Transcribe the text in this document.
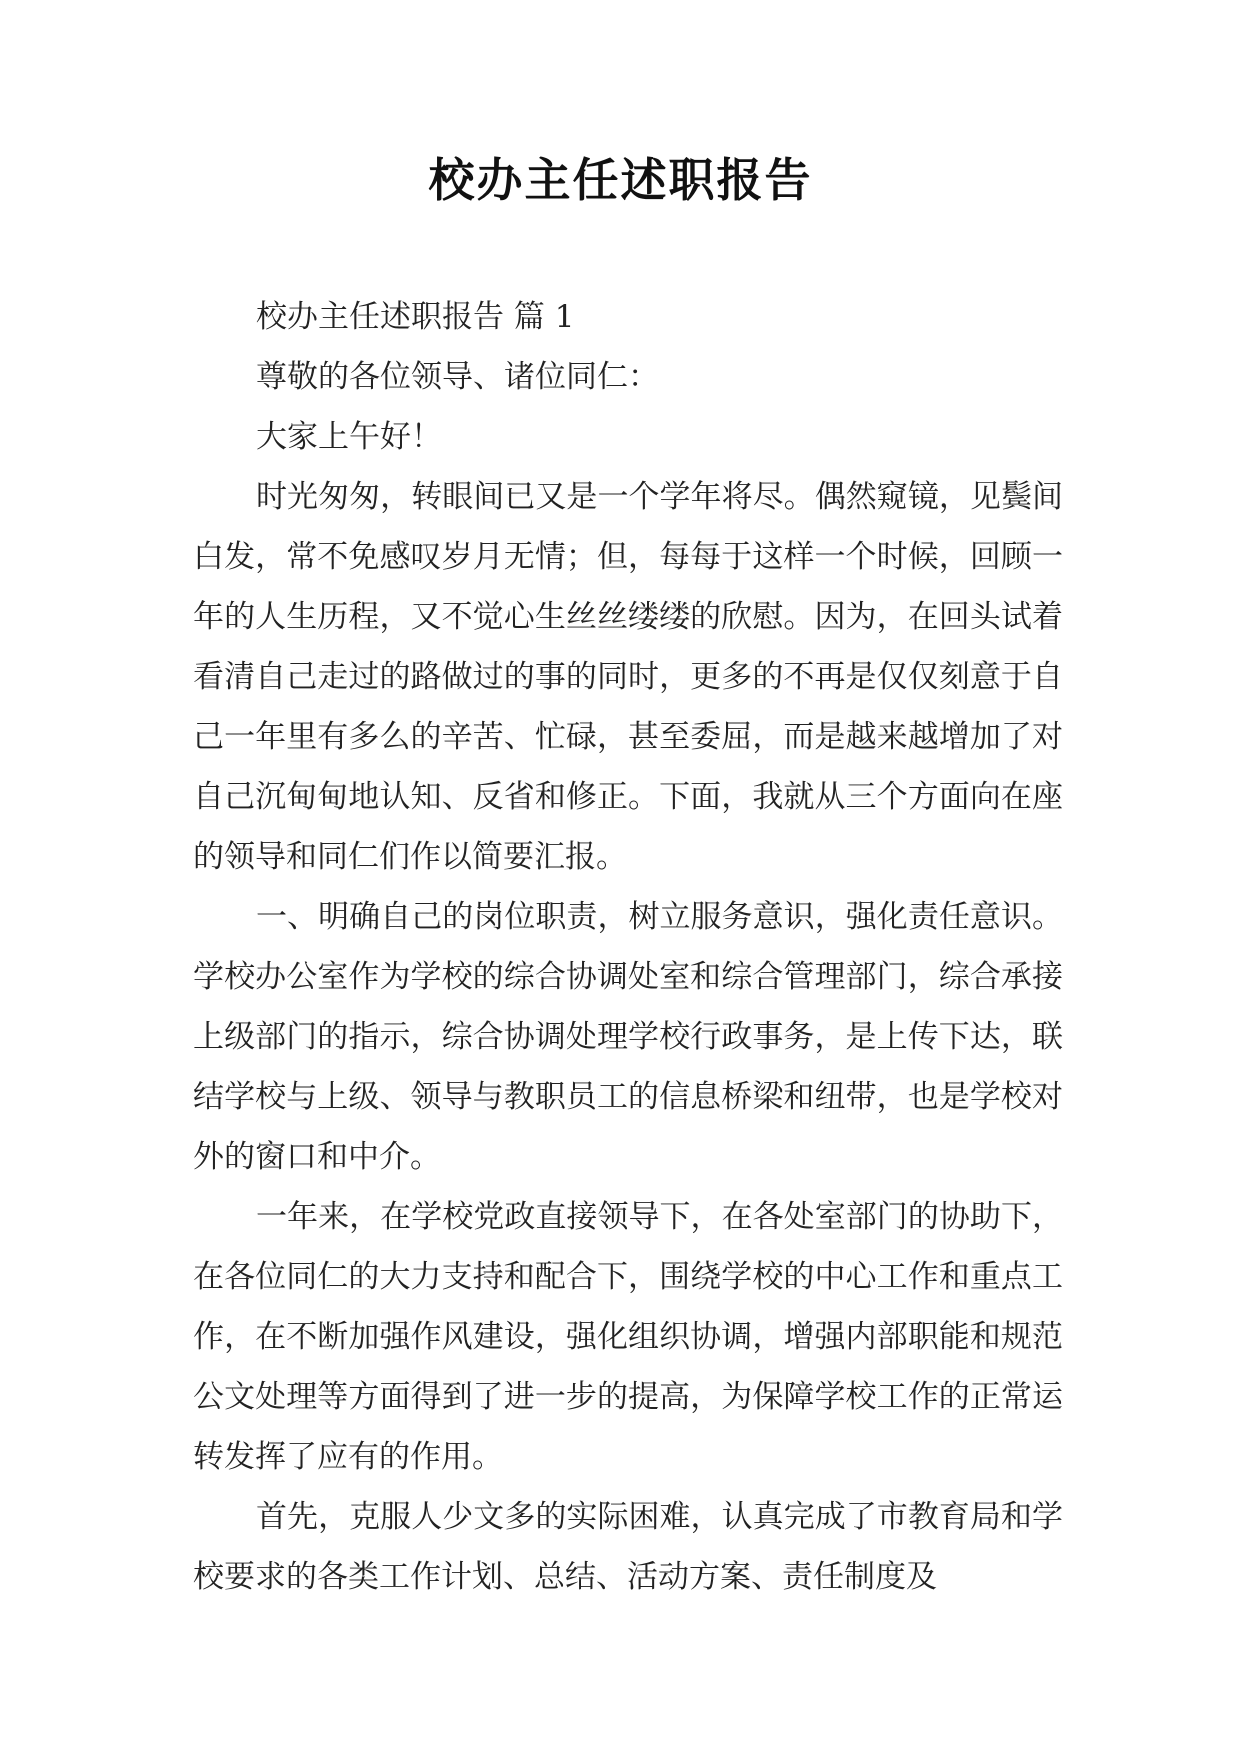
校办主任述职报告

校办主任述职报告 篇 1

尊敬的各位领导、诸位同仁：

大家上午好！

时光匆匆，转眼间已又是一个学年将尽。偶然窥镜，见鬓间白发，常不免感叹岁月无情；但，每每于这样一个时候，回顾一年的人生历程，又不觉心生丝丝缕缕的欣慰。因为，在回头试着看清自己走过的路做过的事的同时，更多的不再是仅仅刻意于自己一年里有多么的辛苦、忙碌，甚至委屈，而是越来越增加了对自己沉甸甸地认知、反省和修正。下面，我就从三个方面向在座的领导和同仁们作以简要汇报。

一、明确自己的岗位职责，树立服务意识，强化责任意识。学校办公室作为学校的综合协调处室和综合管理部门，综合承接上级部门的指示，综合协调处理学校行政事务，是上传下达，联结学校与上级、领导与教职员工的信息桥梁和纽带，也是学校对外的窗口和中介。

一年来，在学校党政直接领导下，在各处室部门的协助下，在各位同仁的大力支持和配合下，围绕学校的中心工作和重点工作，在不断加强作风建设，强化组织协调，增强内部职能和规范公文处理等方面得到了进一步的提高，为保障学校工作的正常运转发挥了应有的作用。

首先，克服人少文多的实际困难，认真完成了市教育局和学校要求的各类工作计划、总结、活动方案、责任制度及
